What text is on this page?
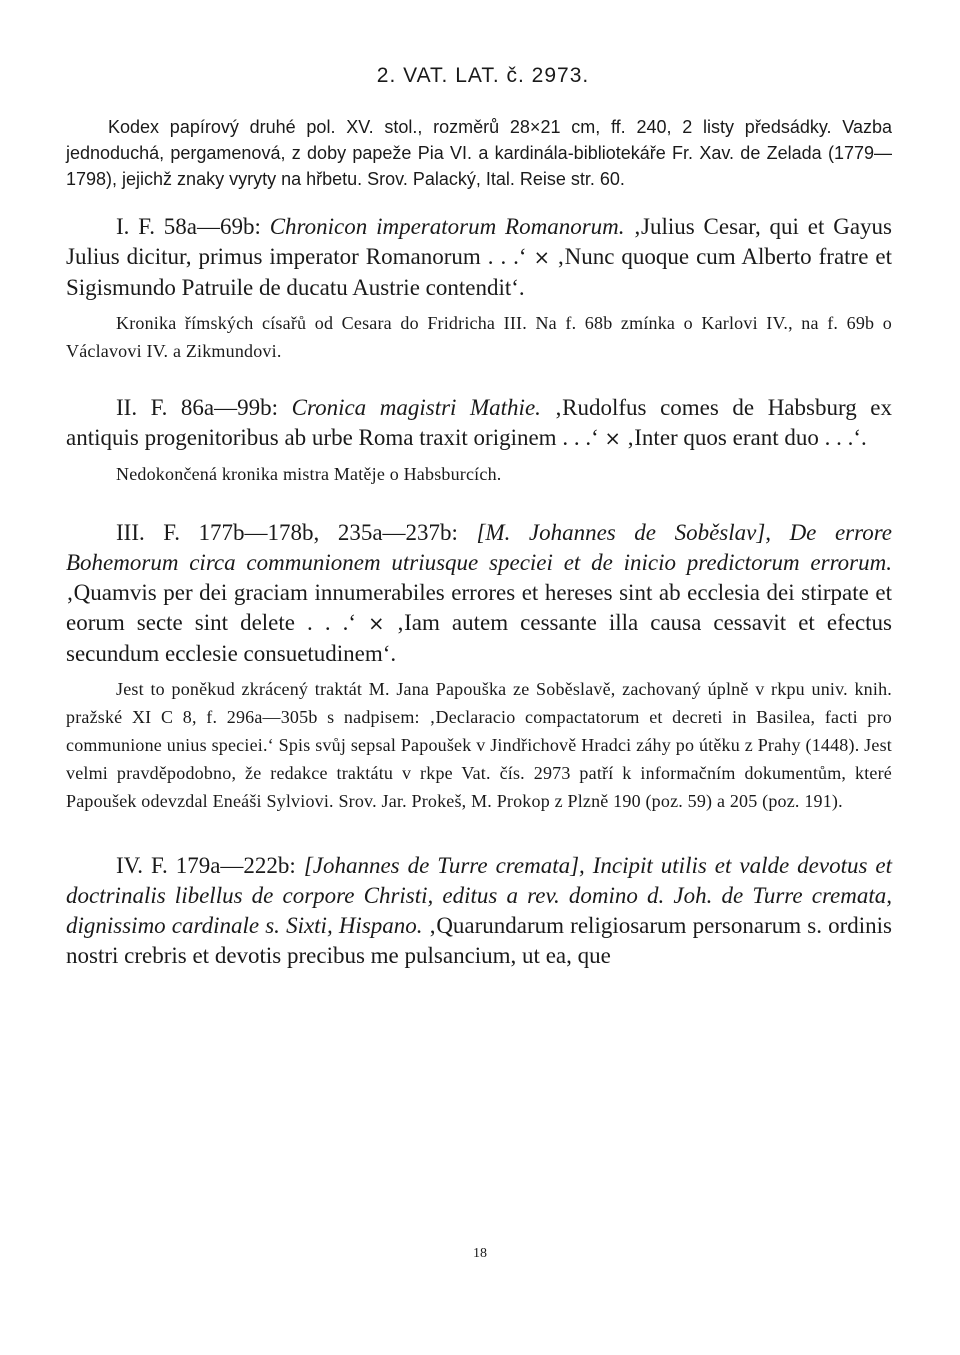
2. VAT. LAT. č. 2973.

Kodex papírový druhé pol. XV. stol., rozměrů 28×21 cm, ff. 240, 2 listy předsádky. Vazba jednoduchá, pergamenová, z doby papeže Pia VI. a kardinála-bibliotekáře Fr. Xav. de Zelada (1779—1798), jejichž znaky vyryty na hřbetu. Srov. Palacký, Ital. Reise str. 60.

I. F. 58a—69b: Chronicon imperatorum Romanorum. ‚Julius Cesar, qui et Gayus Julius dicitur, primus imperator Romanorum . . .‘ × ‚Nunc quoque cum Alberto fratre et Sigismundo Patruile de ducatu Austrie contendit‘.

Kronika římských císařů od Cesara do Fridricha III. Na f. 68b zmínka o Karlovi IV., na f. 69b o Václavovi IV. a Zikmundovi.

II. F. 86a—99b: Cronica magistri Mathie. ‚Rudolfus comes de Habsburg ex antiquis progenitoribus ab urbe Roma traxit originem . . .‘ × ‚Inter quos erant duo . . .‘.

Nedokončená kronika mistra Matěje o Habsburcích.

III. F. 177b—178b, 235a—237b: [M. Johannes de Soběslav], De errore Bohemorum circa communionem utriusque speciei et de inicio predictorum errorum. ‚Quamvis per dei graciam innumerabiles errores et hereses sint ab ecclesia dei stirpate et eorum secte sint delete . . .‘ × ‚Iam autem cessante illa causa cessavit et efectus secundum ecclesie consuetudinem‘.

Jest to poněkud zkrácený traktát M. Jana Papouška ze Soběslavě, zachovaný úplně v rkpu univ. knih. pražské XI C 8, f. 296a—305b s nadpisem: ‚Declaracio compactatorum et decreti in Basilea, facti pro communione unius speciei.‘ Spis svůj sepsal Papoušek v Jindřichově Hradci záhy po útěku z Prahy (1448). Jest velmi pravděpodobno, že redakce traktátu v rkpe Vat. čís. 2973 patří k informačním dokumentům, které Papoušek odevzdal Eneáši Sylviovi. Srov. Jar. Prokeš, M. Prokop z Plzně 190 (poz. 59) a 205 (poz. 191).

IV. F. 179a—222b: [Johannes de Turre cremata], Incipit utilis et valde devotus et doctrinalis libellus de corpore Christi, editus a rev. domino d. Joh. de Turre cremata, dignissimo cardinale s. Sixti, Hispano. ‚Quarundarum religiosarum personarum s. ordinis nostri crebris et devotis precibus me pulsancium, ut ea, que

18
